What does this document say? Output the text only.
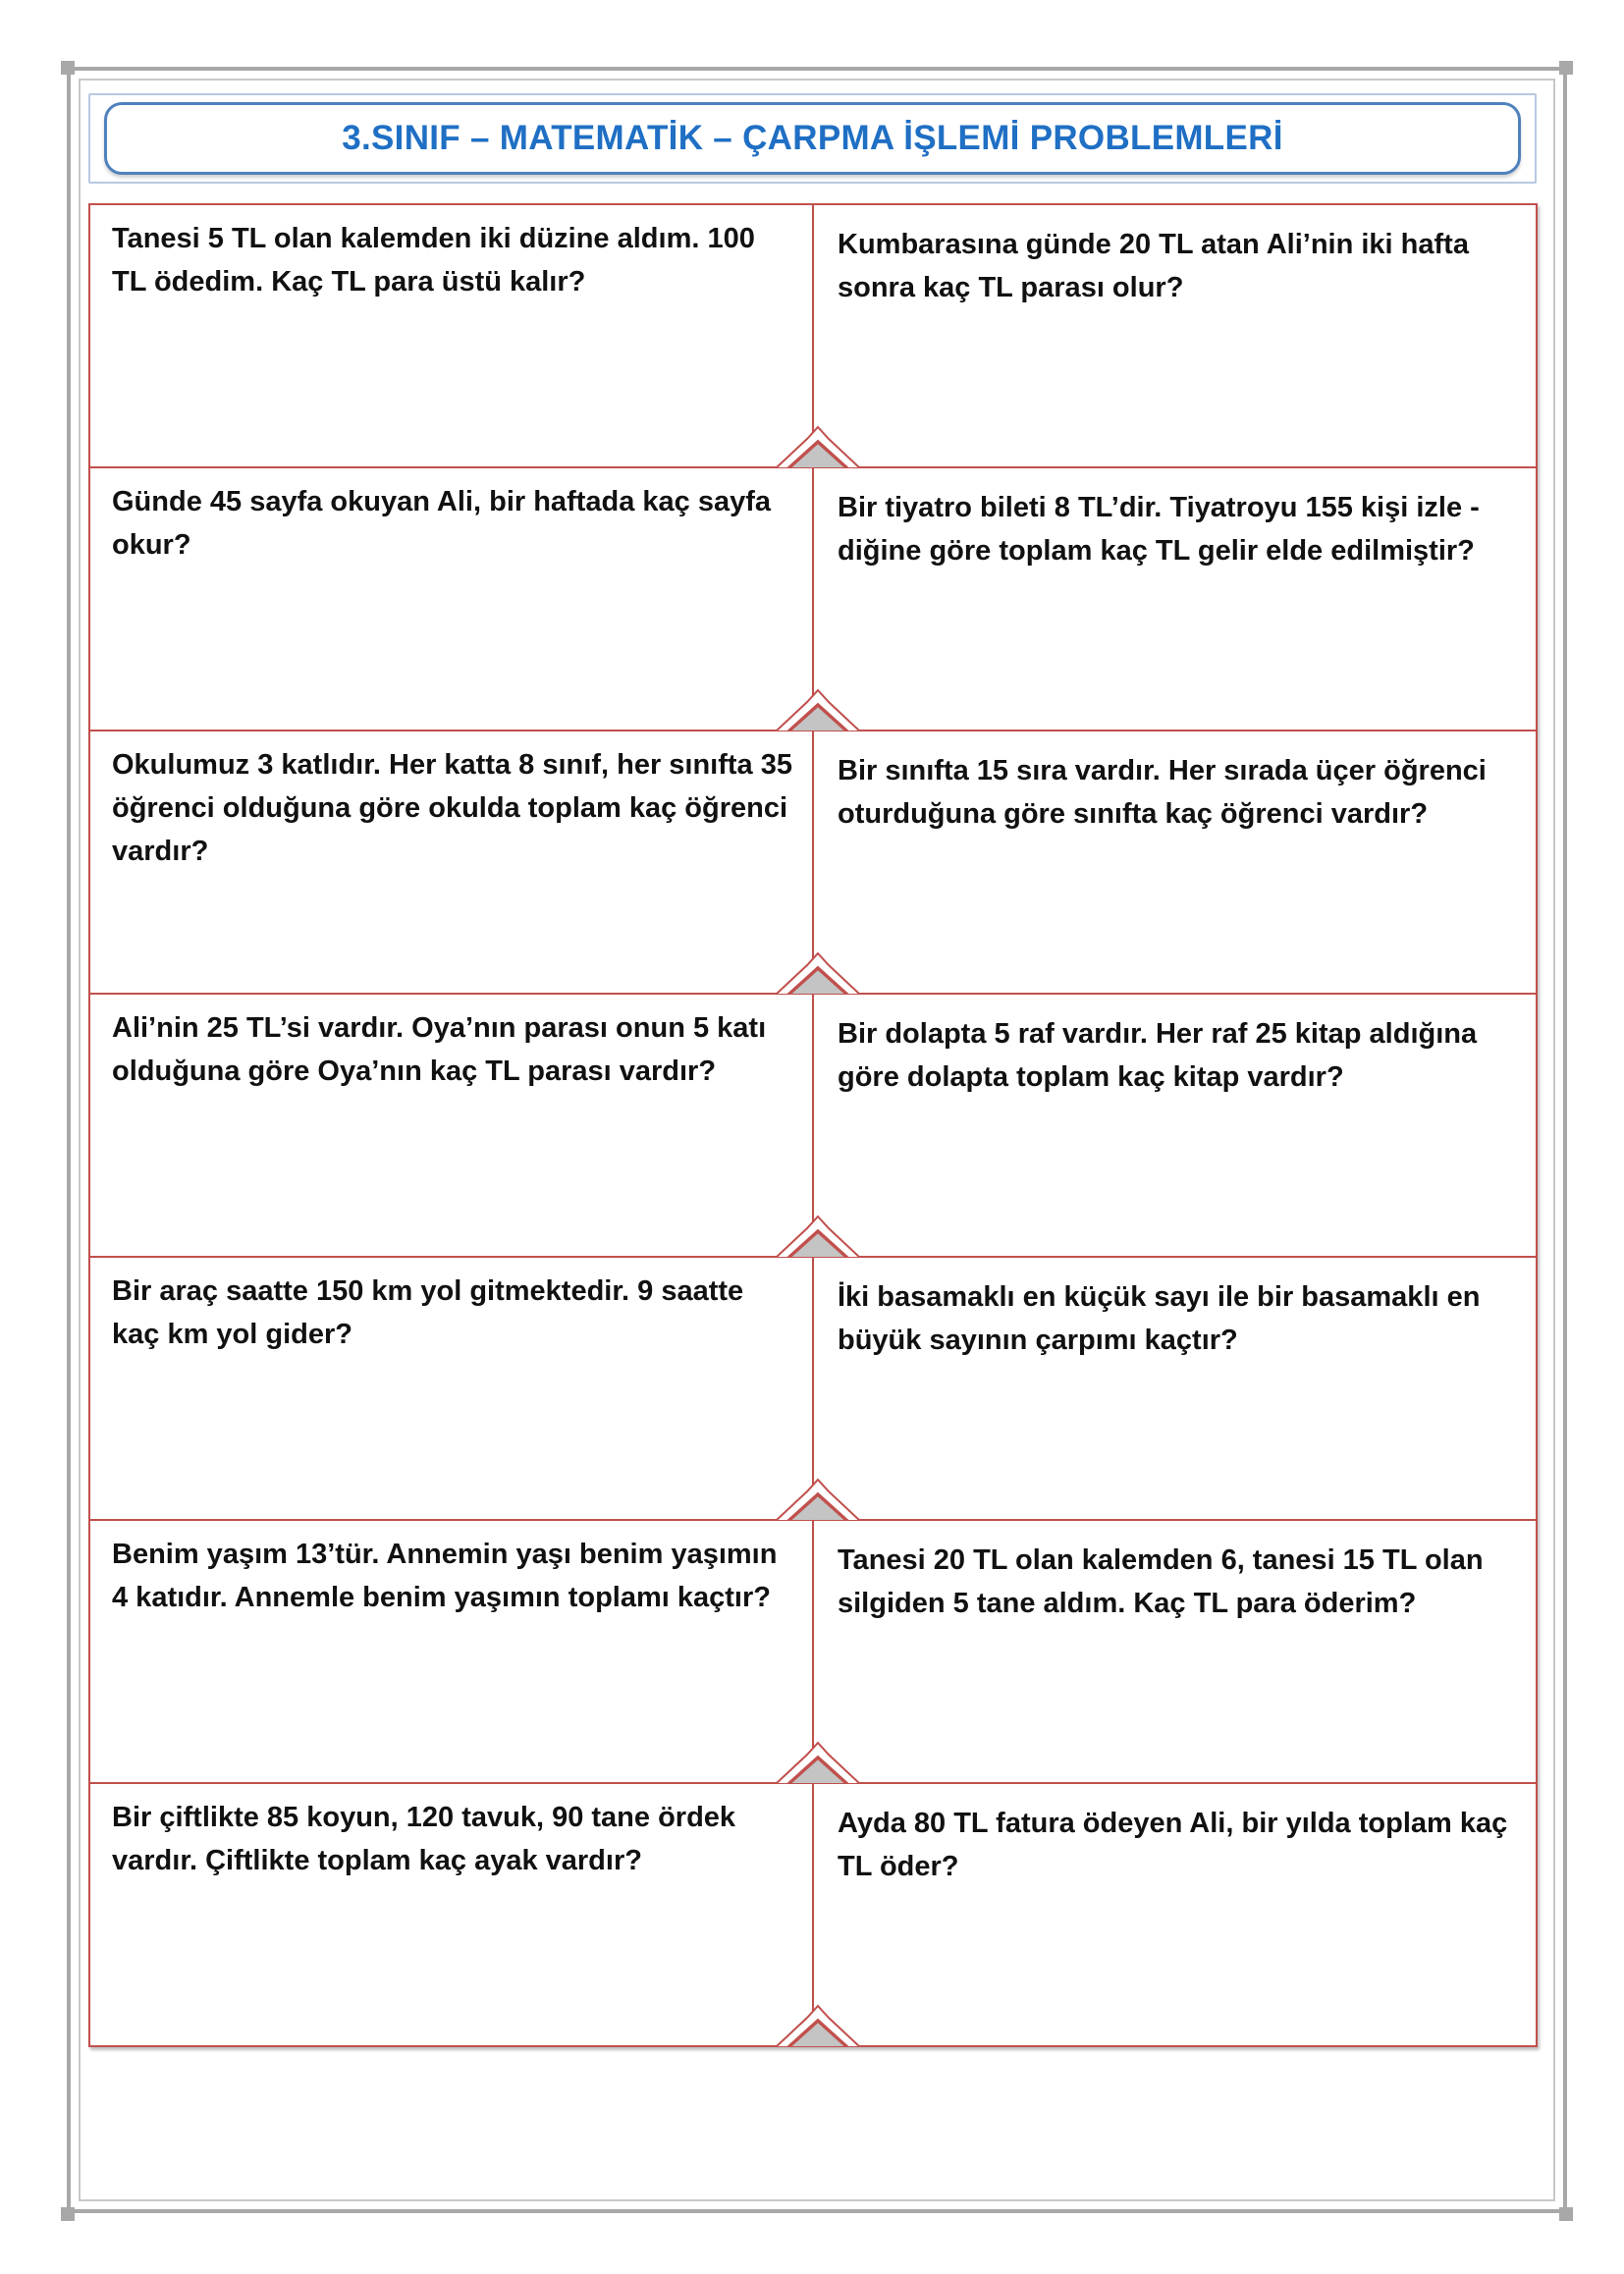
3.SINIF – MATEMATİK – ÇARPMA İŞLEMİ PROBLEMLERİ
Tanesi 5 TL olan kalemden iki düzine aldım. 100 TL ödedim. Kaç TL para üstü kalır?
Kumbarasına günde 20 TL atan Ali’nin iki hafta sonra kaç TL parası olur?
Günde 45 sayfa okuyan Ali, bir haftada kaç sayfa okur?
Bir tiyatro bileti 8 TL’dir. Tiyatroyu 155 kişi izle - diğine göre toplam kaç TL gelir elde edilmiştir?
Okulumuz 3 katlıdır. Her katta 8 sınıf, her sınıfta 35 öğrenci olduğuna göre okulda toplam kaç öğrenci vardır?
Bir sınıfta 15 sıra vardır. Her sırada üçer öğrenci oturduğuna göre sınıfta kaç öğrenci vardır?
Ali’nin 25 TL’si vardır. Oya’nın parası onun 5 katı olduğuna göre Oya’nın kaç TL parası vardır?
Bir dolapta 5 raf vardır. Her raf 25 kitap aldığına göre dolapta toplam kaç kitap vardır?
Bir araç saatte 150 km yol gitmektedir. 9 saatte kaç km yol gider?
İki basamaklı en küçük sayı ile bir basamaklı en büyük sayının çarpımı kaçtır?
Benim yaşım 13’tür. Annemin yaşı benim yaşımın 4 katıdır. Annemle benim yaşımın toplamı kaçtır?
Tanesi 20 TL olan kalemden 6, tanesi 15 TL olan silgiden 5 tane aldım. Kaç TL para öderim?
Bir çiftlikte 85 koyun, 120 tavuk, 90 tane ördek vardır. Çiftlikte toplam kaç ayak vardır?
Ayda 80 TL fatura ödeyen Ali, bir yılda toplam kaç TL öder?
